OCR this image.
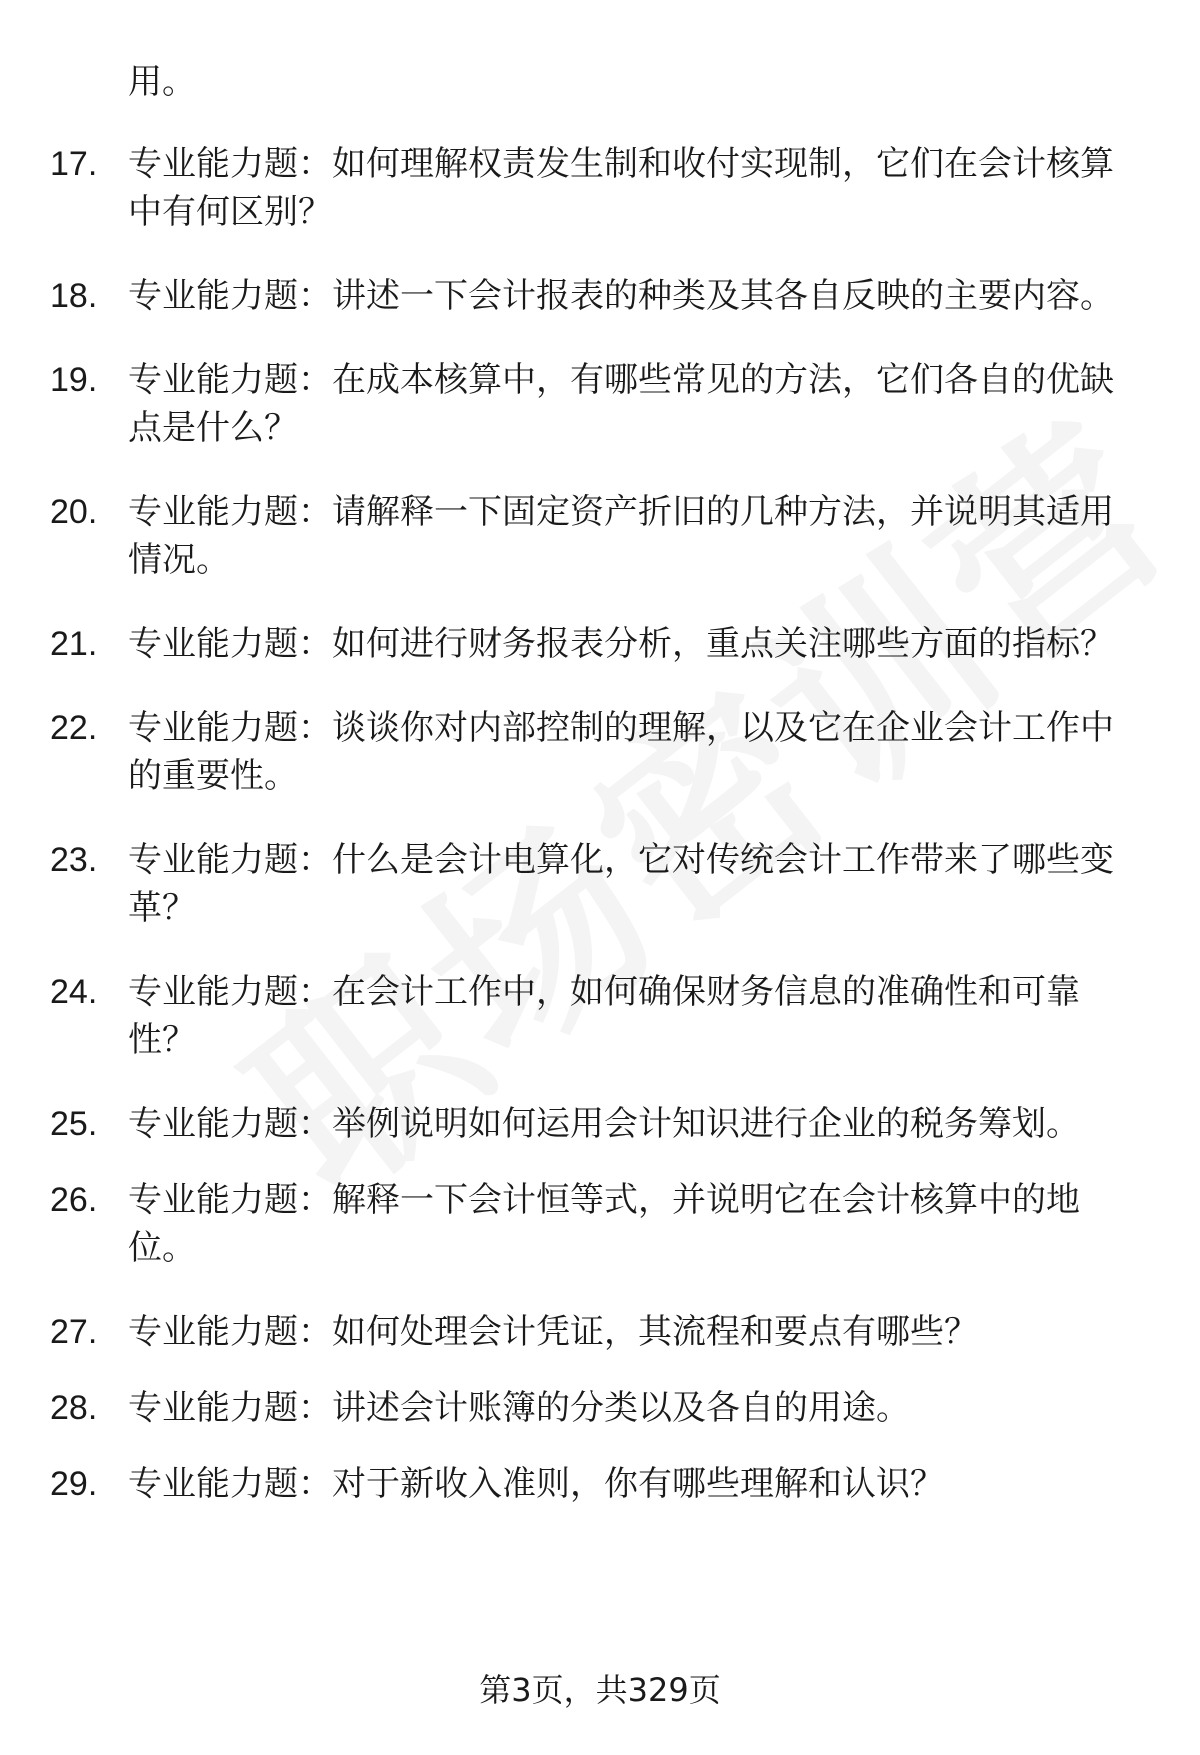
用。
17. 专业能力题：如何理解权责发生制和收付实现制，它们在会计核算中有何区别？
18. 专业能力题：讲述一下会计报表的种类及其各自反映的主要内容。
19. 专业能力题：在成本核算中，有哪些常见的方法，它们各自的优缺点是什么？
20. 专业能力题：请解释一下固定资产折旧的几种方法，并说明其适用情况。
21. 专业能力题：如何进行财务报表分析，重点关注哪些方面的指标？
22. 专业能力题：谈谈你对内部控制的理解，以及它在企业会计工作中的重要性。
23. 专业能力题：什么是会计电算化，它对传统会计工作带来了哪些变革？
24. 专业能力题：在会计工作中，如何确保财务信息的准确性和可靠性？
25. 专业能力题：举例说明如何运用会计知识进行企业的税务筹划。
26. 专业能力题：解释一下会计恒等式，并说明它在会计核算中的地位。
27. 专业能力题：如何处理会计凭证，其流程和要点有哪些？
28. 专业能力题：讲述会计账簿的分类以及各自的用途。
29. 专业能力题：对于新收入准则，你有哪些理解和认识？
第3页，共329页
